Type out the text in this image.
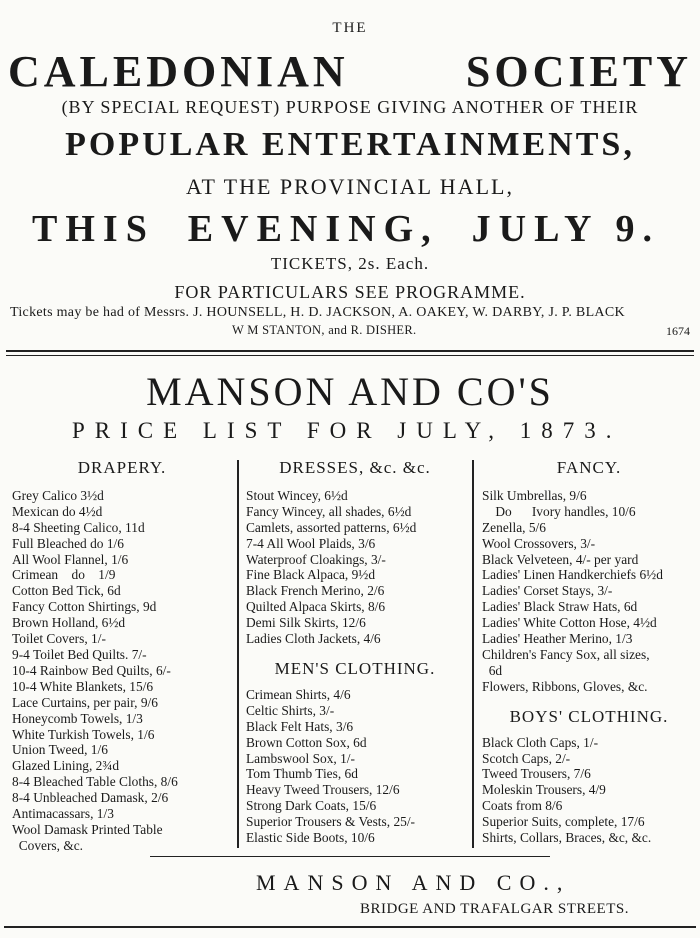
THE
CALEDONIAN	SOCIETY
(BY SPECIAL REQUEST) PURPOSE GIVING ANOTHER OF THEIR
POPULAR ENTERTAINMENTS,
AT THE PROVINCIAL HALL,
THIS EVENING, JULY 9.
TICKETS, 2s. Each.
FOR PARTICULARS SEE PROGRAMME.
Tickets may be had of Messrs. J. HOUNSELL, H. D. JACKSON, A. OAKEY, W. DARBY, J. P. BLACK
W M STANTON, and R. DISHER.	1674
MANSON AND CO'S
PRICE LIST FOR JULY, 1873.
DRAPERY.
Grey Calico 3½d
Mexican do 4½d
8-4 Sheeting Calico, 11d
Full Bleached do 1/6
All Wool Flannel, 1/6
Crimean    do    1/9
Cotton Bed Tick, 6d
Fancy Cotton Shirtings, 9d
Brown Holland, 6½d
Toilet Covers, 1/-
9-4 Toilet Bed Quilts. 7/-
10-4 Rainbow Bed Quilts, 6/-
10-4 White Blankets, 15/6
Lace Curtains, per pair, 9/6
Honeycomb Towels, 1/3
White Turkish Towels, 1/6
Union Tweed, 1/6
Glazed Lining, 2¾d
8-4 Bleached Table Cloths, 8/6
8-4 Unbleached Damask, 2/6
Antimacassars, 1/3
Wool Damask Printed Table
Covers, &c.
DRESSES, &c. &c.
Stout Wincey, 6½d
Fancy Wincey, all shades, 6½d
Camlets, assorted patterns, 6½d
7-4 All Wool Plaids, 3/6
Waterproof Cloakings, 3/-
Fine Black Alpaca, 9½d
Black French Merino, 2/6
Quilted Alpaca Skirts, 8/6
Demi Silk Skirts, 12/6
Ladies Cloth Jackets, 4/6
MEN'S CLOTHING.
Crimean Shirts, 4/6
Celtic Shirts, 3/-
Black Felt Hats, 3/6
Brown Cotton Sox, 6d
Lambswool Sox, 1/-
Tom Thumb Ties, 6d
Heavy Tweed Trousers, 12/6
Strong Dark Coats, 15/6
Superior Trousers & Vests, 25/-
Elastic Side Boots, 10/6
FANCY.
Silk Umbrellas, 9/6
Do      Ivory handles, 10/6
Zenella, 5/6
Wool Crossovers, 3/-
Black Velveteen, 4/- per yard
Ladies' Linen Handkerchiefs 6½d
Ladies' Corset Stays, 3/-
Ladies' Black Straw Hats, 6d
Ladies' White Cotton Hose, 4½d
Ladies' Heather Merino, 1/3
Children's Fancy Sox, all sizes,
6d
Flowers, Ribbons, Gloves, &c.
BOYS' CLOTHING.
Black Cloth Caps, 1/-
Scotch Caps, 2/-
Tweed Trousers, 7/6
Moleskin Trousers, 4/9
Coats from 8/6
Superior Suits, complete, 17/6
Shirts, Collars, Braces, &c, &c.
MANSON AND CO.,
BRIDGE AND TRAFALGAR STREETS.
